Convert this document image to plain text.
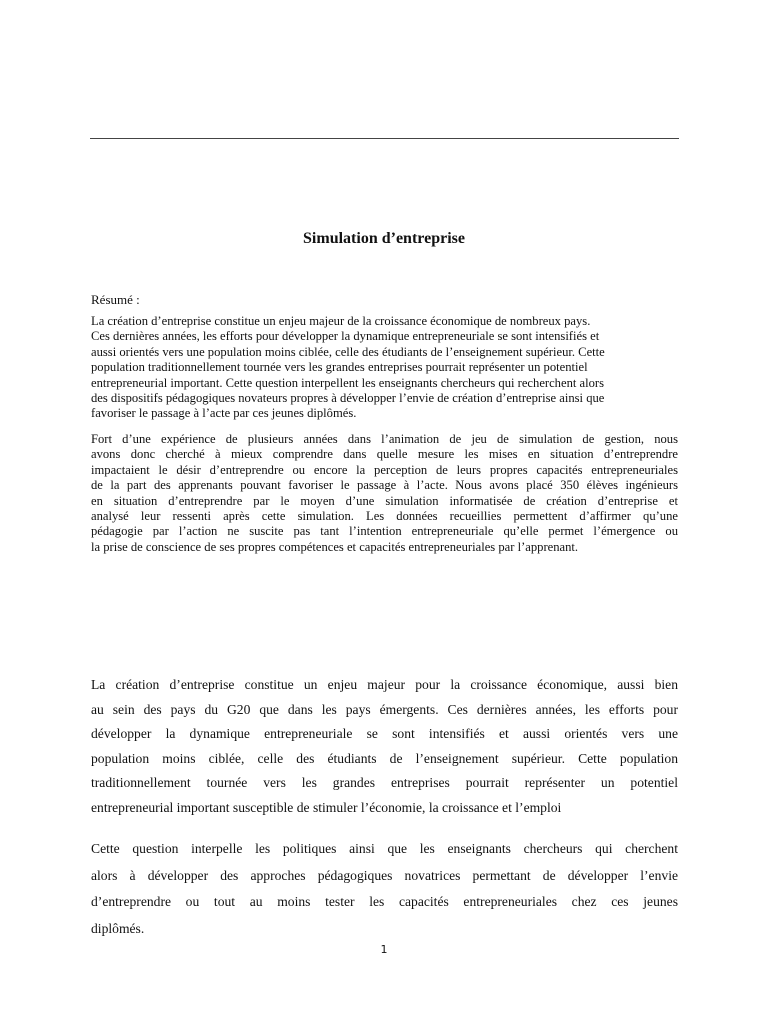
Simulation d’entreprise
Résumé :

La création d’entreprise constitue un enjeu majeur de la croissance économique de nombreux pays.
Ces dernières années, les efforts pour développer la dynamique entrepreneuriale se sont intensifiés et
aussi orientés vers une population moins ciblée, celle des étudiants de l’enseignement supérieur. Cette
population traditionnellement tournée vers les grandes entreprises pourrait représenter un potentiel
entrepreneurial important. Cette question interpellent les enseignants chercheurs qui recherchent alors
des dispositifs pédagogiques novateurs propres à développer l’envie de création d’entreprise ainsi que
favoriser le passage à l’acte par ces jeunes diplômés.

Fort d’une expérience de plusieurs années dans l’animation de jeu de simulation de gestion, nous
avons donc cherché à mieux comprendre dans quelle mesure les mises en situation d’entreprendre
impactaient le désir d’entreprendre ou encore la perception de leurs propres capacités entrepreneuriales
de la part des apprenants pouvant favoriser le passage à l’acte. Nous avons placé 350 élèves ingénieurs
en situation d’entreprendre par le moyen d’une simulation informatisée de création d’entreprise et
analysé leur ressenti après cette simulation. Les données recueillies permettent d’affirmer qu’une
pédagogie par l’action ne suscite pas tant l’intention entrepreneuriale qu’elle permet l’émergence ou
la prise de conscience de ses propres compétences et capacités entrepreneuriales par l’apprenant.

La création d’entreprise constitue un enjeu majeur pour la croissance économique, aussi bien
au sein des pays du G20 que dans les pays émergents. Ces dernières années, les efforts pour
développer la dynamique entrepreneuriale se sont intensifiés et aussi orientés vers une
population moins ciblée, celle des étudiants de l’enseignement supérieur. Cette population
traditionnellement tournée vers les grandes entreprises pourrait représenter un potentiel
entrepreneurial important susceptible de stimuler l’économie, la croissance et l’emploi

Cette question interpelle les politiques ainsi que les enseignants chercheurs qui cherchent
alors à développer des approches pédagogiques novatrices permettant de développer l’envie
d’entreprendre ou tout au moins tester les capacités entrepreneuriales chez ces jeunes
diplômés.

1
